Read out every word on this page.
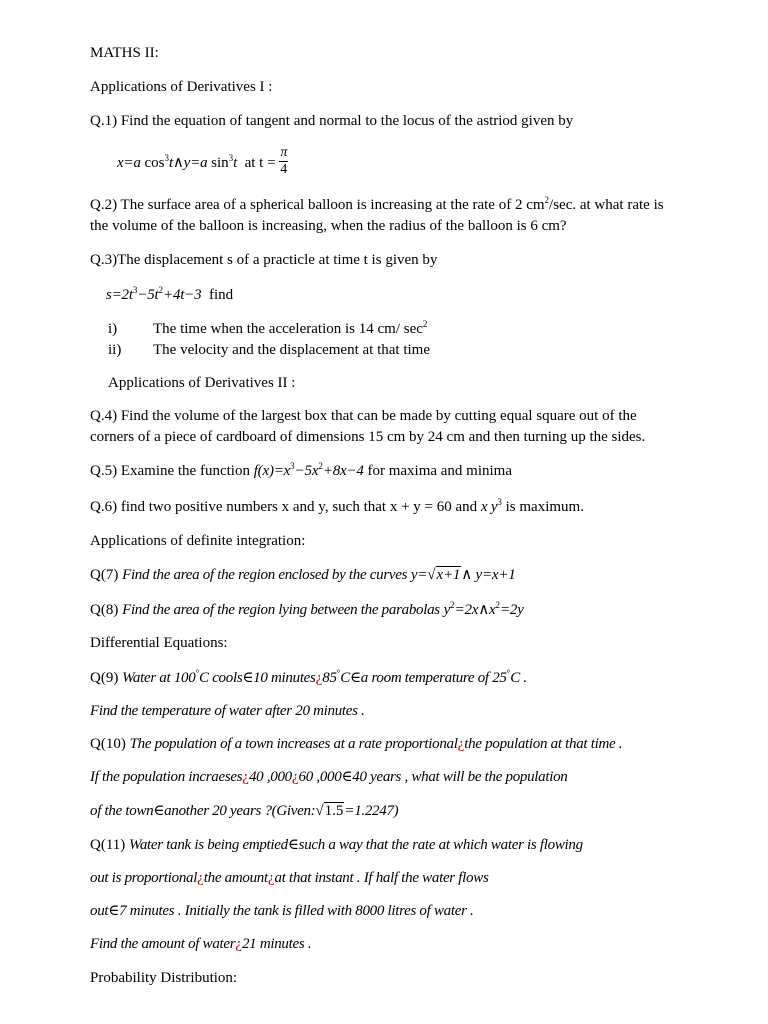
MATHS II:
Applications of Derivatives I :
Q.1) Find the equation of tangent and normal to the locus of the astriod given by
x=a $\cos^3t\wedge y=a$ $\sin^3t$ at $t = \frac{\pi}{4}$
Q.2) The surface area of a spherical balloon is increasing at the rate of 2 $cm^2/\sec$. at what rate is
the volume of the balloon is increasing, when the radius of the balloon is 6 cm?
Q.3)The displacement s of a practicle at time t is given by
$s=2t^3-5t^2+4t-3$ find
i) The time when the acceleration is 14 cm/ $\sec^2$
ii) The velocity and the displacement at that time
Applications of Derivatives II :
Q.4) Find the volume of the largest box that can be made by cutting equal square out of the
corners of a piece of cardboard of dimensions 15 cm by 24 cm and then turning up the sides.
Q.5) Examine the function $f(x)=x^3-5x^2+8x-4$ for maxima and minima
Q.6) find two positive numbers x and y, such that x + y = 60 and x $y^3$ is maximum.
Applications of definite integration:
Q(7) Find the area of the region enclosed by the curves y=√x+1∧ y=x+1
Q(8) Find the area of the region lying between the parabolas $y^2=2x\wedge x^2=2y$
Differential Equations:
Q(9) Water at 100°C cools∈10 minutes¿85°C∈a room temperature of 25°C .
Find the temperature of water after 20 minutes .
Q(10) The population of a town increases at a rate proportional¿the population at that time .
If the population incraeses¿40 ,000¿60 ,000∈40 years , what will be the population
of the town∈another 20 years ?(Given:√1.5=1.2247)
Q(11) Water tank is being emptied∈such a way that the rate at which water is flowing
out is proportional¿the amount¿at that instant . If half the water flows
out∈7 minutes . Initially the tank is filled with 8000 litres of water .
Find the amount of water¿21 minutes .
Probability Distribution:
